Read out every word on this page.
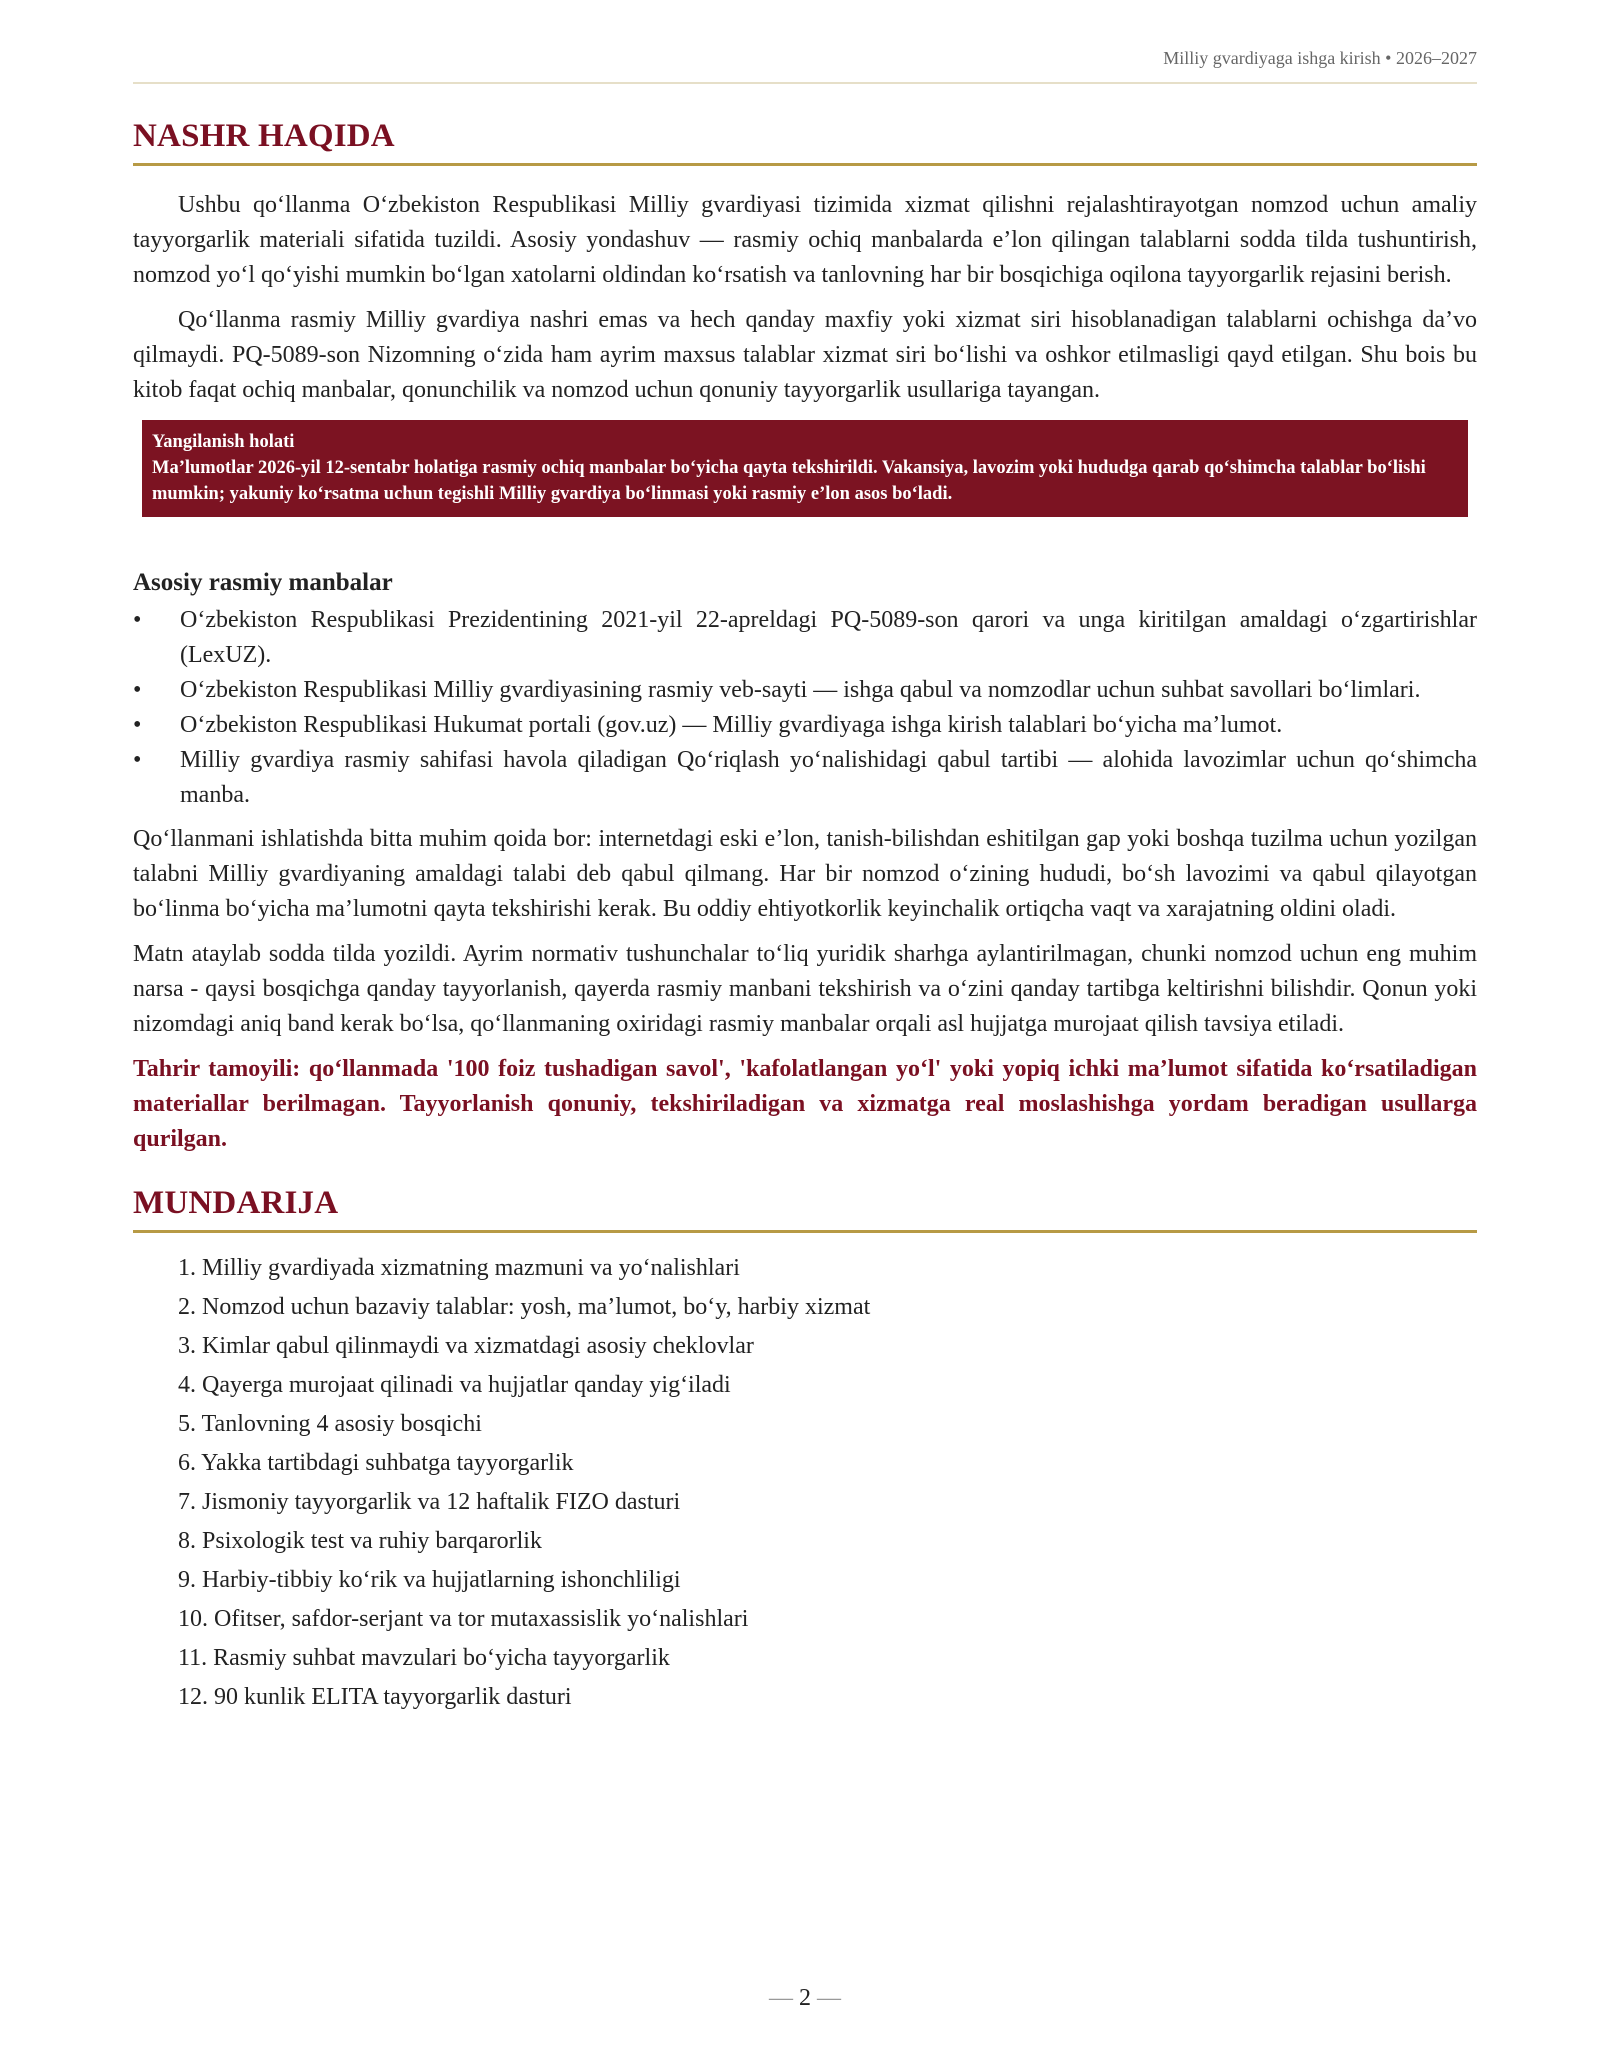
Milliy gvardiyaga ishga kirish • 2026–2027
NASHR HAQIDA

Ushbu qo‘llanma O‘zbekiston Respublikasi Milliy gvardiyasi tizimida xizmat qilishni rejalashtirayotgan nomzod uchun amaliy tayyorgarlik materiali sifatida tuzildi. Asosiy yondashuv — rasmiy ochiq manbalarda e’lon qilingan talablarni sodda tilda tushuntirish, nomzod yo‘l qo‘yishi mumkin bo‘lgan xatolarni oldindan ko‘rsatish va tanlovning har bir bosqichiga oqilona tayyorgarlik rejasini berish.

Qo‘llanma rasmiy Milliy gvardiya nashri emas va hech qanday maxfiy yoki xizmat siri hisoblanadigan talablarni ochishga da’vo qilmaydi. PQ-5089-son Nizomning o‘zida ham ayrim maxsus talablar xizmat siri bo‘lishi va oshkor etilmasligi qayd etilgan. Shu bois bu kitob faqat ochiq manbalar, qonunchilik va nomzod uchun qonuniy tayyorgarlik usullariga tayangan.

Yangilanish holati
Ma’lumotlar 2026-yil 12-sentabr holatiga rasmiy ochiq manbalar bo‘yicha qayta tekshirildi. Vakansiya, lavozim yoki hududga qarab qo‘shimcha talablar bo‘lishi mumkin; yakuniy ko‘rsatma uchun tegishli Milliy gvardiya bo‘linmasi yoki rasmiy e’lon asos bo‘ladi.
Asosiy rasmiy manbalar
•	O‘zbekiston Respublikasi Prezidentining 2021-yil 22-apreldagi PQ-5089-son qarori va unga kiritilgan amaldagi o‘zgartirishlar (LexUZ).
•	O‘zbekiston Respublikasi Milliy gvardiyasining rasmiy veb-sayti — ishga qabul va nomzodlar uchun suhbat savollari bo‘limlari.
•	O‘zbekiston Respublikasi Hukumat portali (gov.uz) — Milliy gvardiyaga ishga kirish talablari bo‘yicha ma’lumot.
•	Milliy gvardiya rasmiy sahifasi havola qiladigan Qo‘riqlash yo‘nalishidagi qabul tartibi — alohida lavozimlar uchun qo‘shimcha manba.

Qo‘llanmani ishlatishda bitta muhim qoida bor: internetdagi eski e’lon, tanish-bilishdan eshitilgan gap yoki boshqa tuzilma uchun yozilgan talabni Milliy gvardiyaning amaldagi talabi deb qabul qilmang. Har bir nomzod o‘zining hududi, bo‘sh lavozimi va qabul qilayotgan bo‘linma bo‘yicha ma’lumotni qayta tekshirishi kerak. Bu oddiy ehtiyotkorlik keyinchalik ortiqcha vaqt va xarajatning oldini oladi.

Matn ataylab sodda tilda yozildi. Ayrim normativ tushunchalar to‘liq yuridik sharhga aylantirilmagan, chunki nomzod uchun eng muhim narsa - qaysi bosqichga qanday tayyorlanish, qayerda rasmiy manbani tekshirish va o‘zini qanday tartibga keltirishni bilishdir. Qonun yoki nizomdagi aniq band kerak bo‘lsa, qo‘llanmaning oxiridagi rasmiy manbalar orqali asl hujjatga murojaat qilish tavsiya etiladi.

Tahrir tamoyili: qo‘llanmada '100 foiz tushadigan savol', 'kafolatlangan yo‘l' yoki yopiq ichki ma’lumot sifatida ko‘rsatiladigan materiallar berilmagan. Tayyorlanish qonuniy, tekshiriladigan va xizmatga real moslashishga yordam beradigan usullarga qurilgan.

MUNDARIJA
1. Milliy gvardiyada xizmatning mazmuni va yo‘nalishlari
2. Nomzod uchun bazaviy talablar: yosh, ma’lumot, bo‘y, harbiy xizmat
3. Kimlar qabul qilinmaydi va xizmatdagi asosiy cheklovlar
4. Qayerga murojaat qilinadi va hujjatlar qanday yig‘iladi
5. Tanlovning 4 asosiy bosqichi
6. Yakka tartibdagi suhbatga tayyorgarlik
7. Jismoniy tayyorgarlik va 12 haftalik FIZO dasturi
8. Psixologik test va ruhiy barqarorlik
9. Harbiy-tibbiy ko‘rik va hujjatlarning ishonchliligi
10. Ofitser, safdor-serjant va tor mutaxassislik yo‘nalishlari
11. Rasmiy suhbat mavzulari bo‘yicha tayyorgarlik
12. 90 kunlik ELITA tayyorgarlik dasturi
— 2 —
